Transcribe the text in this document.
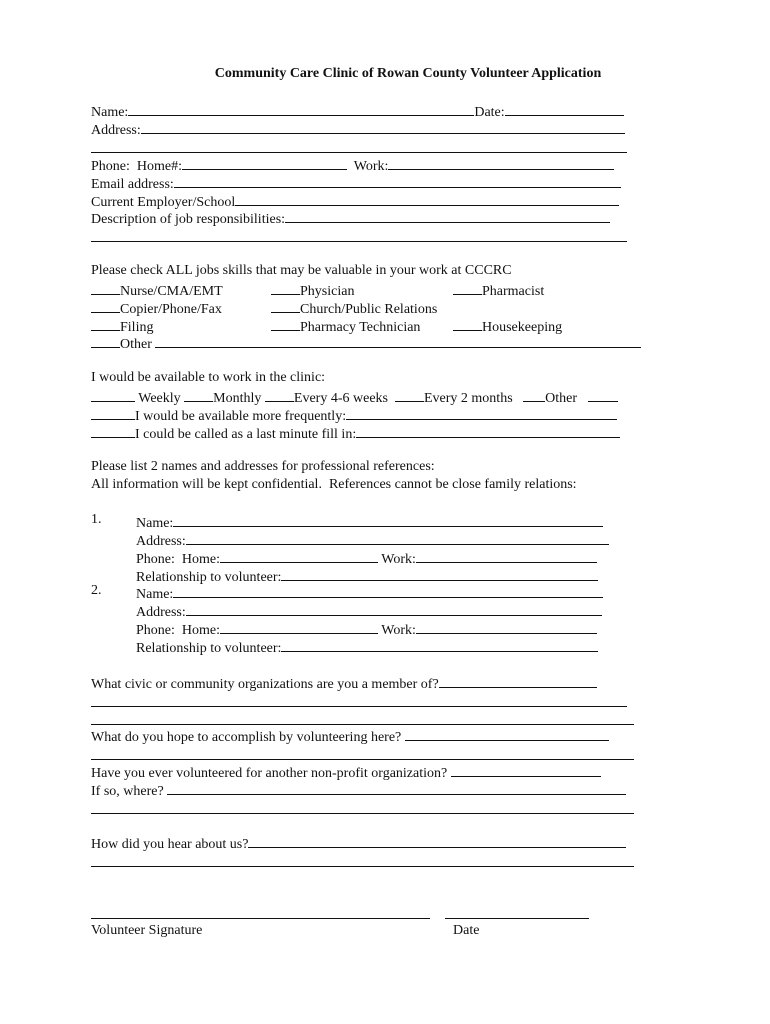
Community Care Clinic of Rowan County Volunteer Application
Name:	Date:
Address:
Phone:  Home#:	Work:
Email address:
Current Employer/School
Description of job responsibilities:
Please check ALL jobs skills that may be valuable in your work at CCCRC
Nurse/CMA/EMT	Physician	Pharmacist
Copier/Phone/Fax	Church/Public Relations
Filing	Pharmacy Technician	Housekeeping
Other
I would be available to work in the clinic:
Weekly Monthly Every 4-6 weeks	Every 2 months Other
I would be available more frequently:
I could be called as a last minute fill in:
Please list 2 names and addresses for professional references:
All information will be kept confidential.  References cannot be close family relations:
1. Name:
Address:
Phone:  Home:	Work:
Relationship to volunteer:
2. Name:
Address:
Phone:  Home:	Work:
Relationship to volunteer:
What civic or community organizations are you a member of?
What do you hope to accomplish by volunteering here?
Have you ever volunteered for another non-profit organization?
If so, where?
How did you hear about us?
Volunteer Signature	Date
